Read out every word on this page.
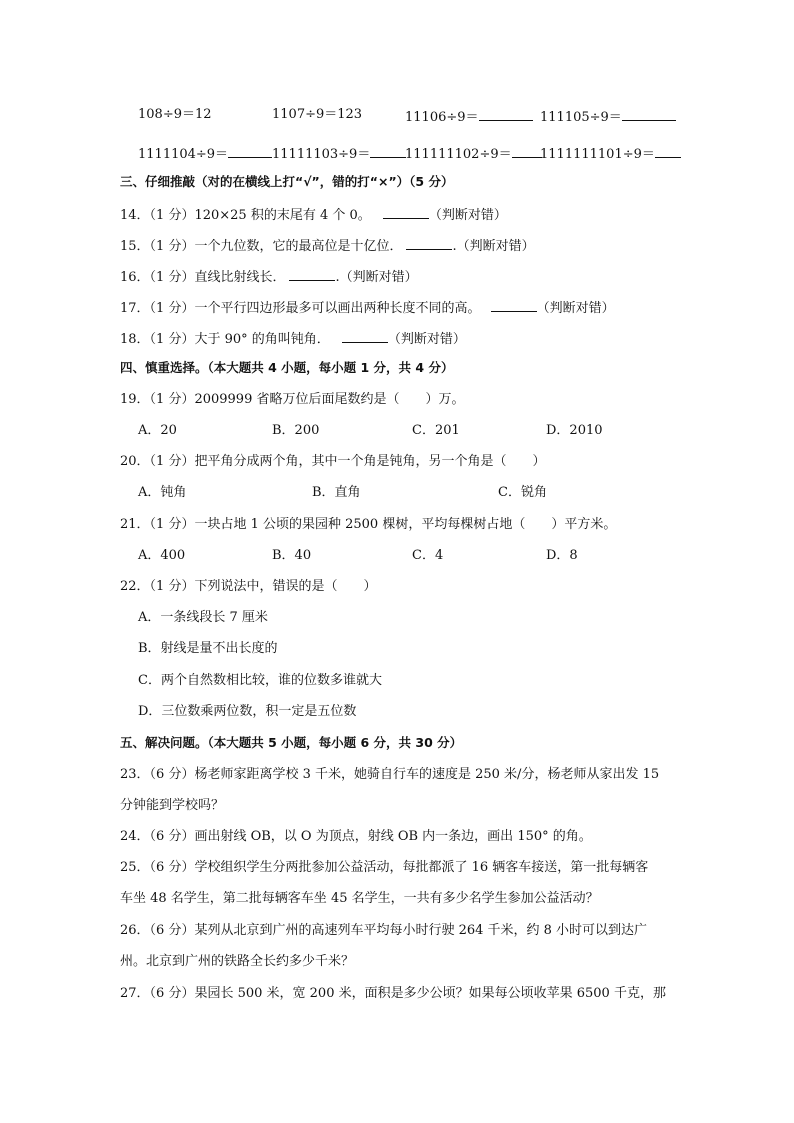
108÷9＝12	1107÷9＝123	11106÷9＝	111105÷9＝
1111104÷9＝	11111103÷9＝	111111102÷9＝	1111111101÷9＝
三、仔细推敲（对的在横线上打“√”，错的打“×”）（5 分）
14．（1 分）120×25 积的末尾有 4 个 0。	（判断对错）
15．（1 分）一个九位数，它的最高位是十亿位．	.（判断对错）
16．（1 分）直线比射线长．	.（判断对错）
17．（1 分）一个平行四边形最多可以画出两种长度不同的高。	（判断对错）
18．（1 分）大于 90° 的角叫钝角．	（判断对错）
四、慎重选择。（本大题共 4 小题，每小题 1 分，共 4 分）
19．（1 分）2009999 省略万位后面尾数约是（　　）万。
A．20	B．200	C．201	D．2010
20．（1 分）把平角分成两个角，其中一个角是钝角，另一个角是（　　）
A．钝角	B．直角	C．锐角
21．（1 分）一块占地 1 公顷的果园种 2500 棵树，平均每棵树占地（　　）平方米。
A．400	B．40	C．4	D．8
22．（1 分）下列说法中，错误的是（　　）
A．一条线段长 7 厘米
B．射线是量不出长度的
C．两个自然数相比较，谁的位数多谁就大
D．三位数乘两位数，积一定是五位数
五、解决问题。（本大题共 5 小题，每小题 6 分，共 30 分）
23．（6 分）杨老师家距离学校 3 千米，她骑自行车的速度是 250 米/分，杨老师从家出发 15
分钟能到学校吗？
24．（6 分）画出射线 OB，以 O 为顶点，射线 OB 内一条边，画出 150° 的角。
25．（6 分）学校组织学生分两批参加公益活动，每批都派了 16 辆客车接送，第一批每辆客
车坐 48 名学生，第二批每辆客车坐 45 名学生，一共有多少名学生参加公益活动？
26．（6 分）某列从北京到广州的高速列车平均每小时行驶 264 千米，约 8 小时可以到达广
州。北京到广州的铁路全长约多少千米？
27．（6 分）果园长 500 米，宽 200 米，面积是多少公顷？如果每公顷收苹果 6500 千克，那
